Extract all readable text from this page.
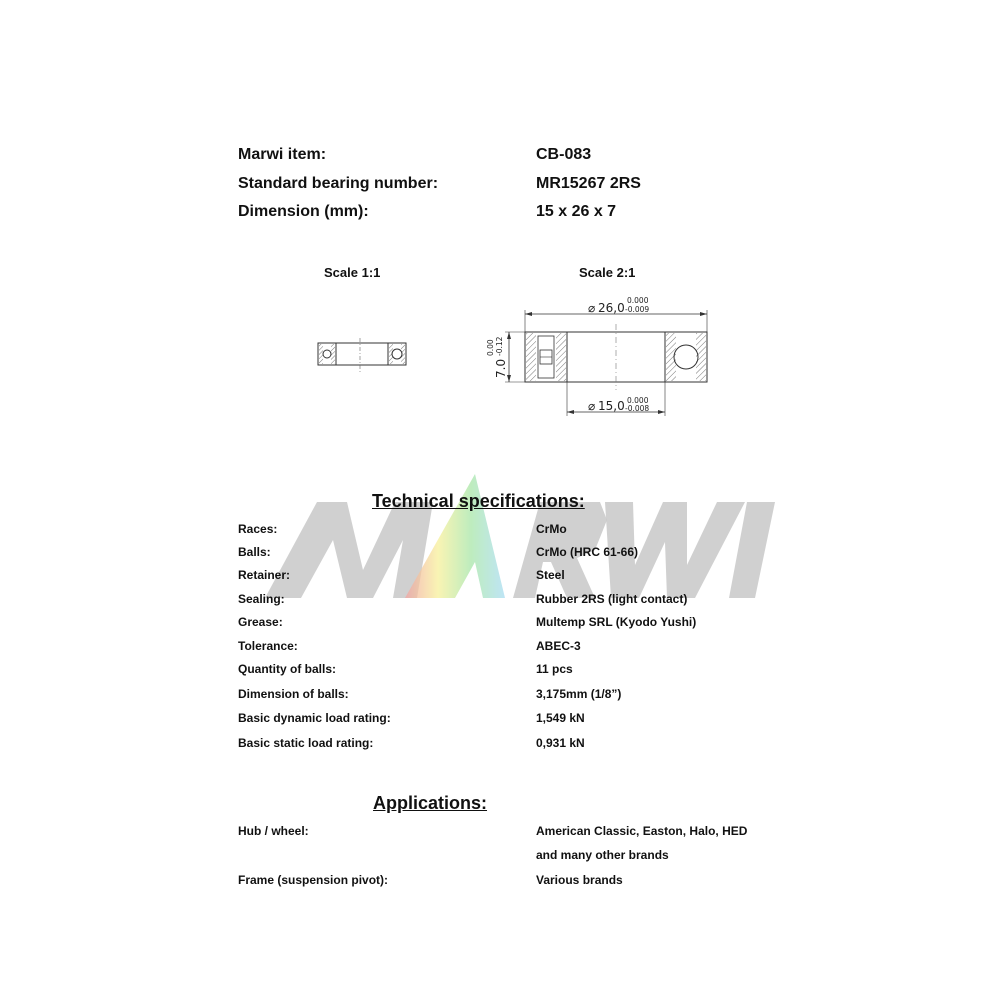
MARWI
Marwi item:	CB-083
Standard bearing number:	MR15267 2RS
Dimension (mm):	15 x 26 x 7
Scale 1:1	Scale 2:1
⌀ 26,0
0.000
-0.009
7.0
0.00 -0.12
⌀ 15,0 0.000
-0.008
Technical specifications:
Races:	CrMo
Balls:	CrMo (HRC 61-66)
Retainer:	Steel
Sealing:	Rubber 2RS (light contact)
Grease:	Multemp SRL (Kyodo Yushi)
Tolerance:	ABEC-3
Quantity of balls:	11 pcs
Dimension of balls:	3,175mm (1/8”)
Basic dynamic load rating:	1,549 kN
Basic static load rating:	0,931 kN
Applications:
Hub / wheel:	American Classic, Easton, Halo, HED
and many other brands
Frame (suspension pivot):	Various brands
